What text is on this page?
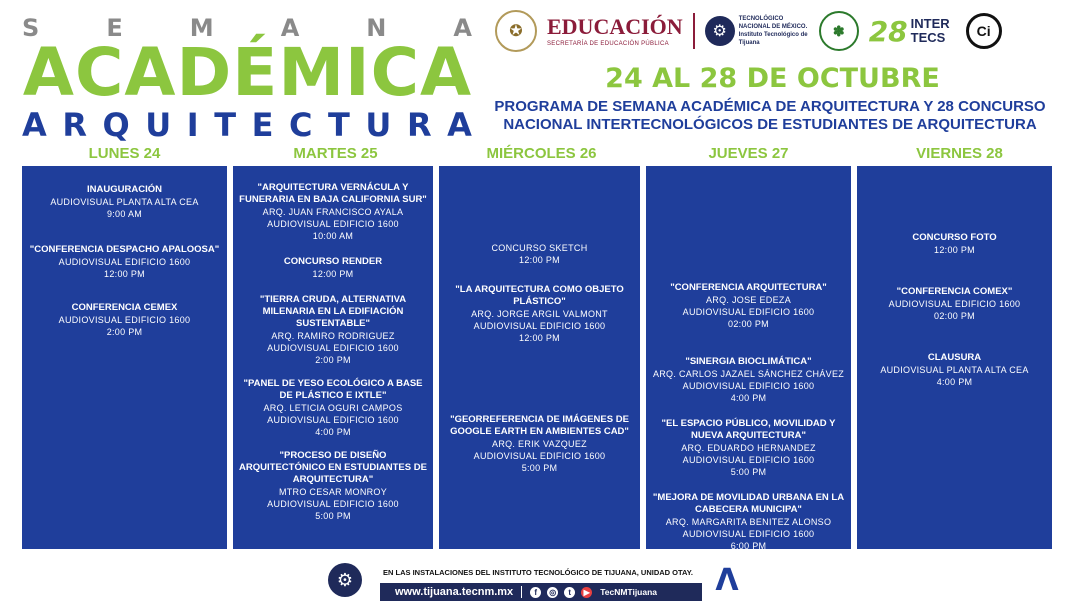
S	E	M	A	N	A
ACADÉMICA
A R Q U I T E C T U R A
✪	EDUCACIÓN
SECRETARÍA DE EDUCACIÓN PÚBLICA
⚙
TECNOLÓGICO NACIONAL DE MÉXICO. Instituto Tecnológico de Tijuana
✽ 28 INTER
TECS	Ci
24 AL 28 DE OCTUBRE
PROGRAMA DE SEMANA ACADÉMICA DE ARQUITECTURA Y 28 CONCURSO
NACIONAL INTERTECNOLÓGICOS DE ESTUDIANTES DE ARQUITECTURA
LUNES 24	MARTES 25	MIÉRCOLES 26	JUEVES 27	VIERNES 28
INAUGURACIÓN
AUDIOVISUAL PLANTA ALTA CEA
9:00 AM
"CONFERENCIA DESPACHO APALOOSA"
AUDIOVISUAL EDIFICIO 1600
12:00 PM
CONFERENCIA CEMEX
AUDIOVISUAL EDIFICIO 1600
2:00 PM
"ARQUITECTURA VERNÁCULA Y FUNERARIA EN BAJA CALIFORNIA SUR"
ARQ. JUAN FRANCISCO AYALA
AUDIOVISUAL EDIFICIO 1600
10:00 AM
CONCURSO RENDER
12:00 PM
"TIERRA CRUDA, ALTERNATIVA MILENARIA EN LA EDIFIACIÓN SUSTENTABLE"
ARQ. RAMIRO RODRIGUEZ
AUDIOVISUAL EDIFICIO 1600
2:00 PM
"PANEL DE YESO ECOLÓGICO A BASE DE PLÁSTICO E IXTLE"
ARQ. LETICIA OGURI CAMPOS
AUDIOVISUAL EDIFICIO 1600
4:00 PM
"PROCESO DE DISEÑO ARQUITECTÓNICO EN ESTUDIANTES DE ARQUITECTURA"
MTRO CESAR MONROY
AUDIOVISUAL EDIFICIO 1600
5:00 PM
CONCURSO SKETCH
12:00 PM
"LA ARQUITECTURA COMO OBJETO PLÁSTICO"
ARQ. JORGE ARGIL VALMONT
AUDIOVISUAL EDIFICIO 1600
12:00 PM
"GEORREFERENCIA DE IMÁGENES DE GOOGLE EARTH EN AMBIENTES CAD"
ARQ. ERIK VAZQUEZ
AUDIOVISUAL EDIFICIO 1600
5:00 PM
"CONFERENCIA ARQUITECTURA"
ARQ. JOSE EDEZA
AUDIOVISUAL EDIFICIO 1600
02:00 PM
"SINERGIA BIOCLIMÁTICA"
ARQ. CARLOS JAZAEL SÁNCHEZ CHÁVEZ
AUDIOVISUAL EDIFICIO 1600
4:00 PM
"EL ESPACIO PÚBLICO, MOVILIDAD Y NUEVA ARQUITECTURA"
ARQ. EDUARDO HERNANDEZ
AUDIOVISUAL EDIFICIO 1600
5:00 PM
"MEJORA DE MOVILIDAD URBANA EN LA CABECERA MUNICIPA"
ARQ. MARGARITA BENITEZ ALONSO
AUDIOVISUAL EDIFICIO 1600
6:00 PM
CONCURSO FOTO
12:00 PM
"CONFERENCIA COMEX"
AUDIOVISUAL EDIFICIO 1600
02:00 PM
CLAUSURA
AUDIOVISUAL PLANTA ALTA CEA
4:00 PM
⚙	EN LAS INSTALACIONES DEL INSTITUTO TECNOLÓGICO DE TIJUANA, UNIDAD OTAY.
www.tijuana.tecnm.mx	f	◎	t	▶ TecNMTijuana Ʌ
